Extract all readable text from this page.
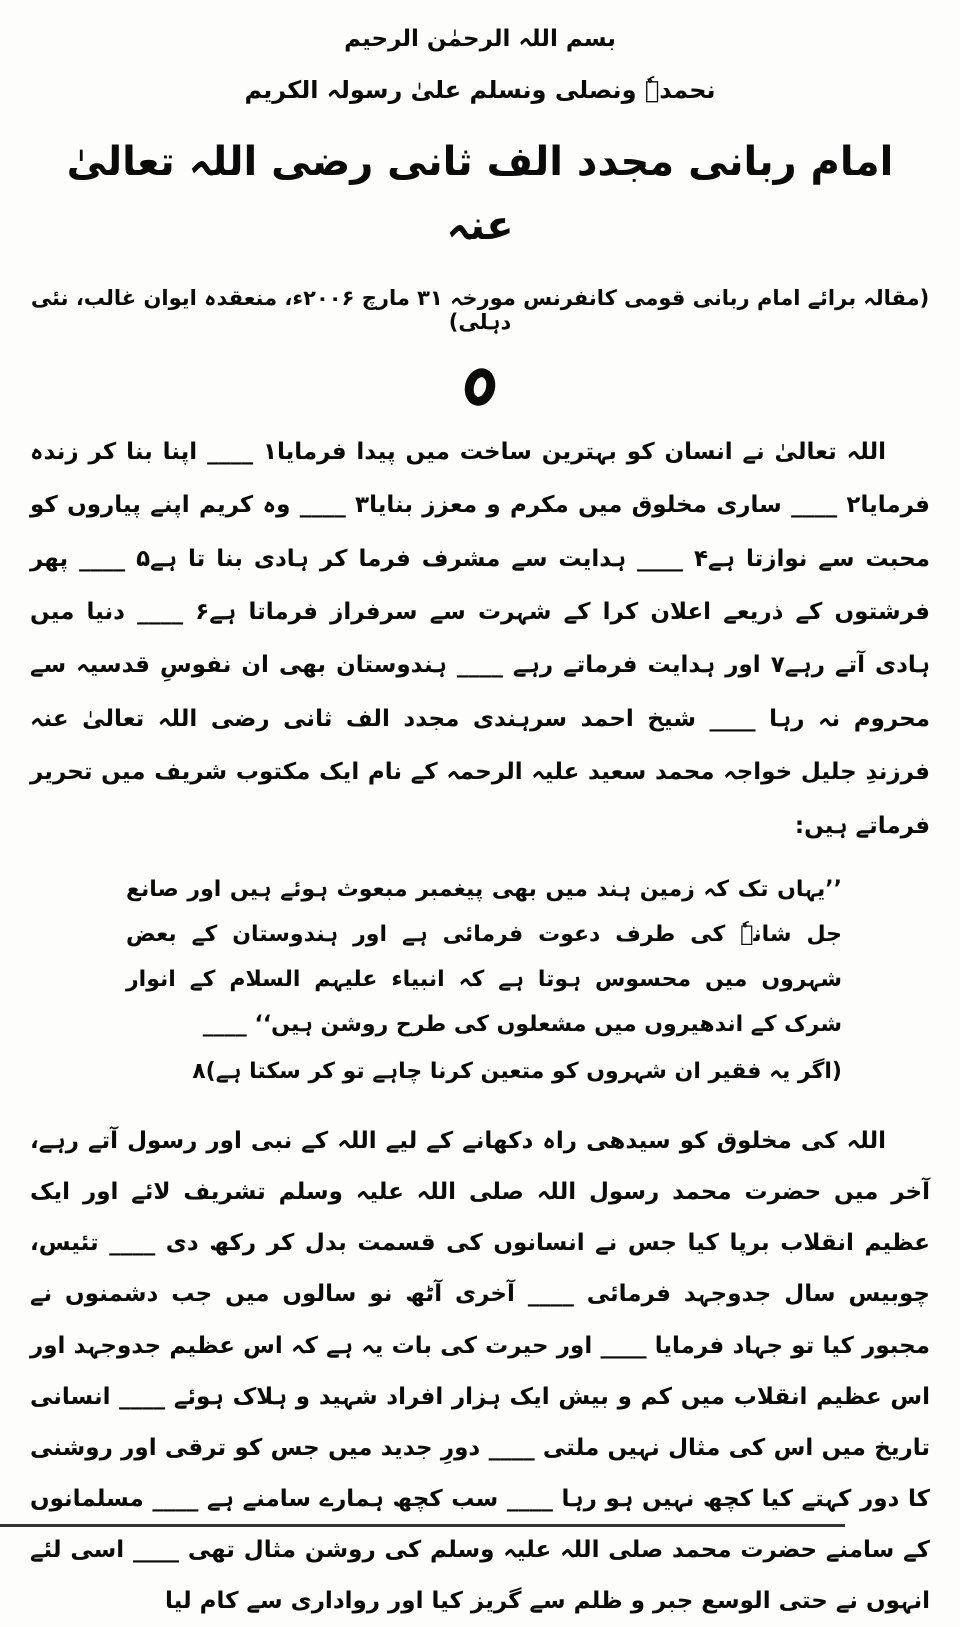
بسم اللہ الرحمٰن الرحیم
نحمدہٗ ونصلی ونسلم علیٰ رسولہ الکریم
امام ربانی مجدد الف ثانی رضی اللہ تعالیٰ عنہ
(مقالہ برائے امام ربانی قومی کانفرنس مورخہ ۳۱ مارچ ۲۰۰۶ء، منعقدہ ایوان غالب، نئی دہلی)

اللہ تعالیٰ نے انسان کو بہترین ساخت میں پیدا فرمایا۱ ____ اپنا بنا کر زندہ فرمایا۲ ____ ساری مخلوق میں مکرم و معزز بنایا۳ ____ وہ کریم اپنے پیاروں کو محبت سے نوازتا ہے۴ ____ ہدایت سے مشرف فرما کر ہادی بنا تا ہے۵ ____ پھر فرشتوں کے ذریعے اعلان کرا کے شہرت سے سرفراز فرماتا ہے۶ ____ دنیا میں ہادی آتے رہے۷ اور ہدایت فرماتے رہے ____ ہندوستان بھی ان نفوسِ قدسیہ سے محروم نہ رہا ____ شیخ احمد سرہندی مجدد الف ثانی رضی اللہ تعالیٰ عنہ فرزندِ جلیل خواجہ محمد سعید علیہ الرحمہ کے نام ایک مکتوب شریف میں تحریر فرماتے ہیں:

’’یہاں تک کہ زمین ہند میں بھی پیغمبر مبعوث ہوئے ہیں اور صانع جل شانہٗ کی طرف دعوت فرمائی ہے اور ہندوستان کے بعض شہروں میں محسوس ہوتا ہے کہ انبیاء علیہم السلام کے انوار شرک کے اندھیروں میں مشعلوں کی طرح روشن ہیں‘‘ ____

(اگر یہ فقیر ان شہروں کو متعین کرنا چاہے تو کر سکتا ہے)۸

اللہ کی مخلوق کو سیدھی راہ دکھانے کے لیے اللہ کے نبی اور رسول آتے رہے، آخر میں حضرت محمد رسول اللہ صلی اللہ علیہ وسلم تشریف لائے اور ایک عظیم انقلاب برپا کیا جس نے انسانوں کی قسمت بدل کر رکھ دی ____ تئیس، چوبیس سال جدوجہد فرمائی ____ آخری آٹھ نو سالوں میں جب دشمنوں نے مجبور کیا تو جہاد فرمایا ____ اور حیرت کی بات یہ ہے کہ اس عظیم جدوجہد اور اس عظیم انقلاب میں کم و بیش ایک ہزار افراد شہید و ہلاک ہوئے ____ انسانی تاریخ میں اس کی مثال نہیں ملتی ____ دورِ جدید میں جس کو ترقی اور روشنی کا دور کہتے کیا کچھ نہیں ہو رہا ____ سب کچھ ہمارے سامنے ہے ____ مسلمانوں کے سامنے حضرت محمد صلی اللہ علیہ وسلم کی روشن مثال تھی ____ اسی لئے انہوں نے حتی الوسع جبر و ظلم سے گریز کیا اور رواداری سے کام لیا
